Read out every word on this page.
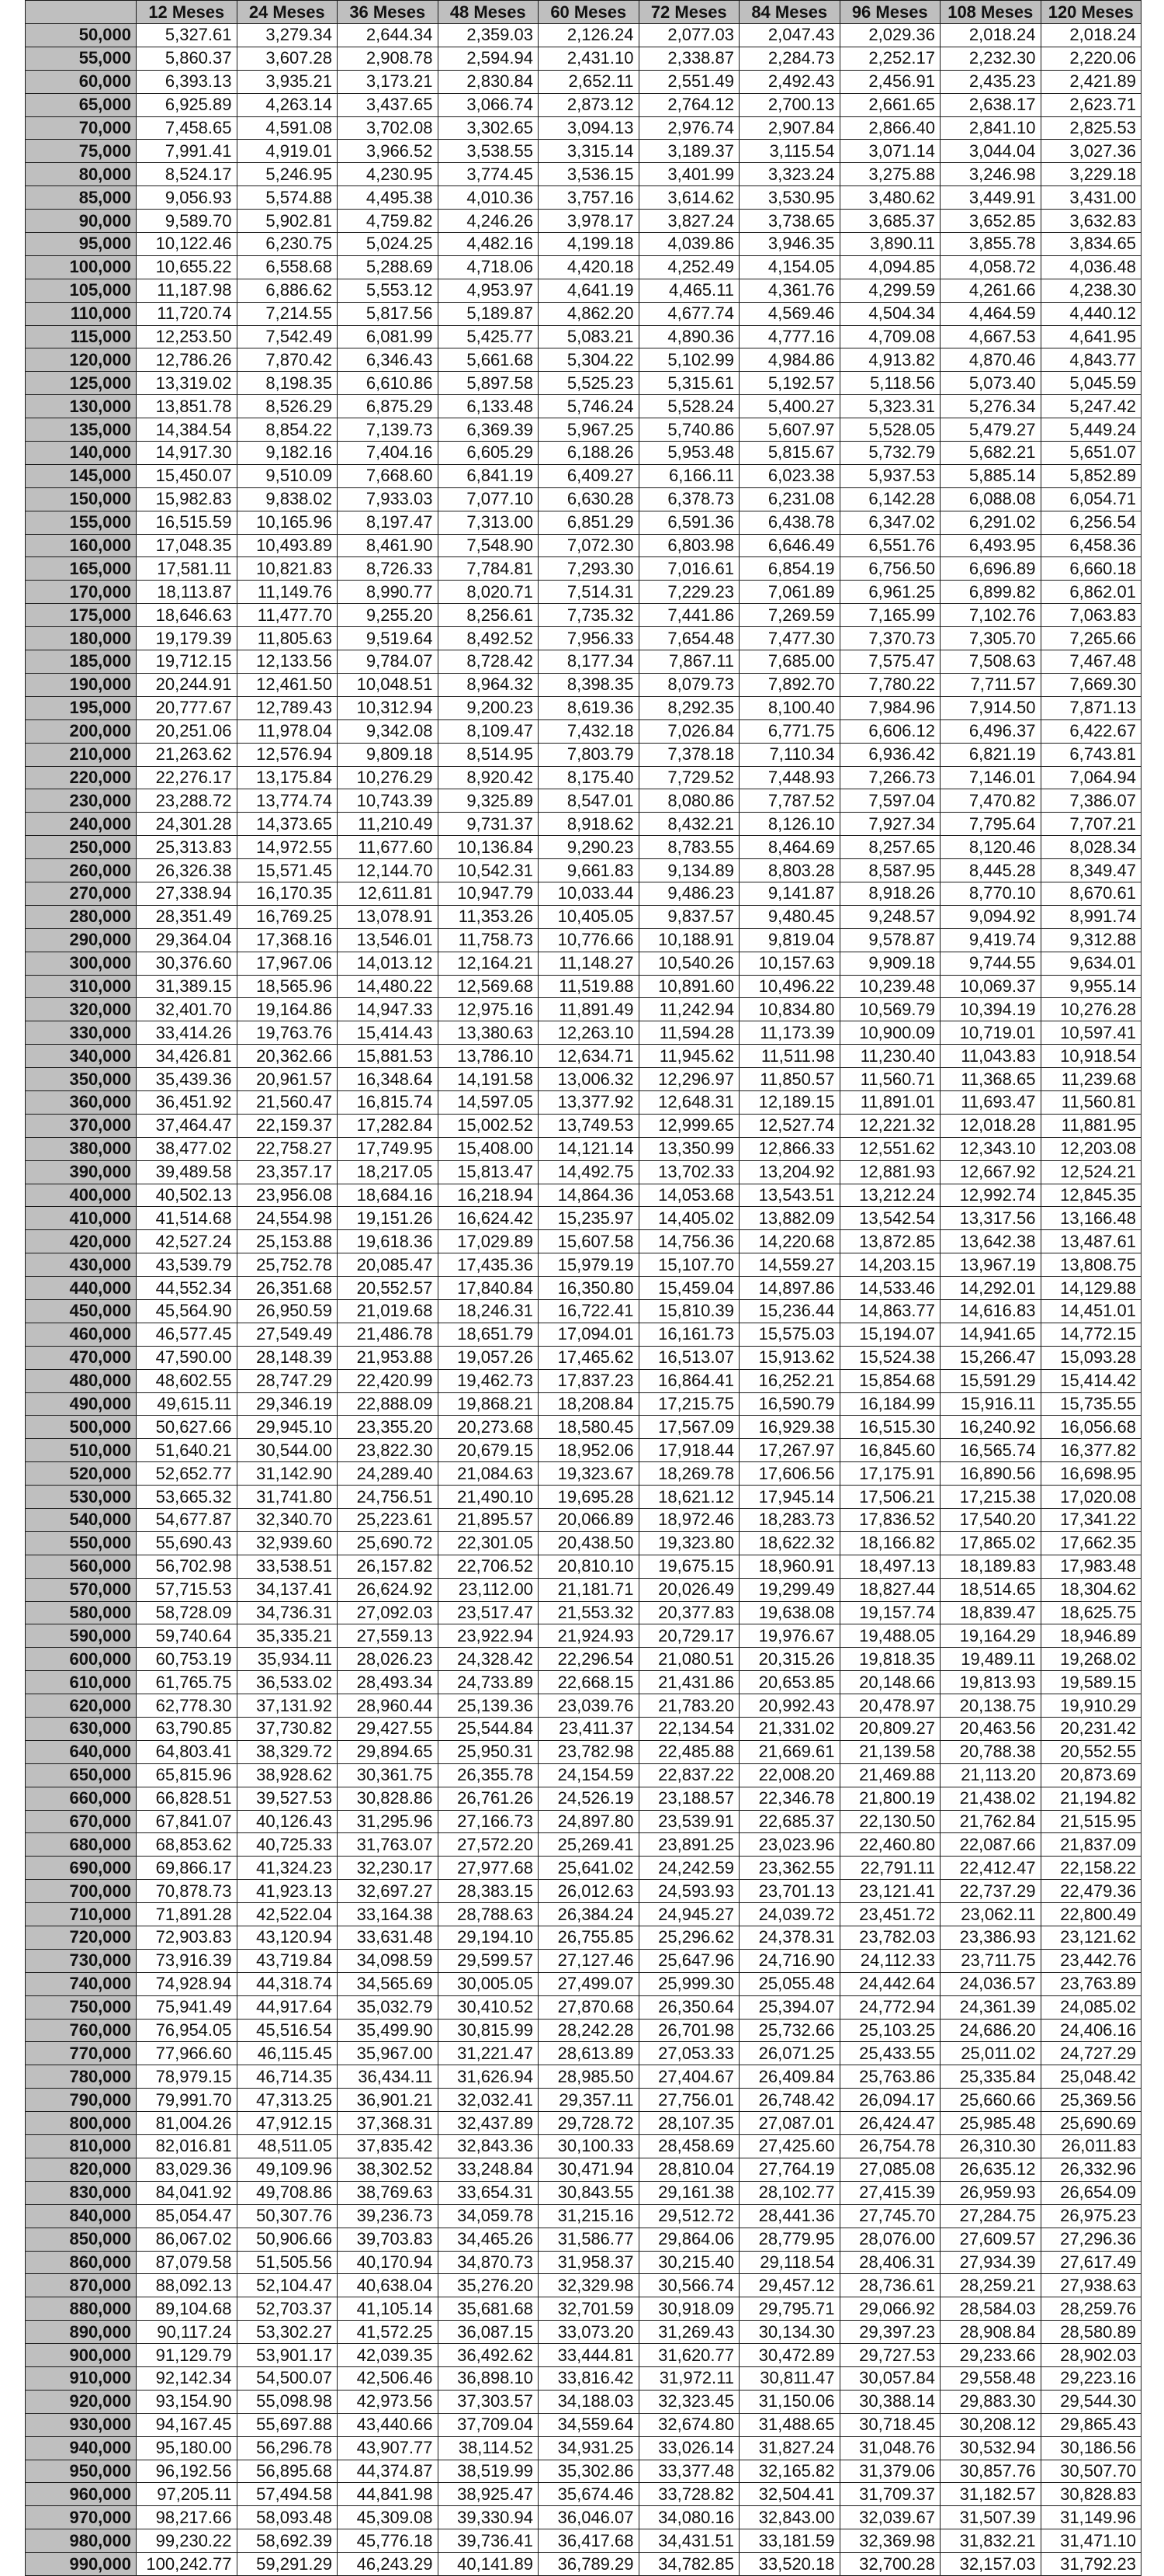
	12 Meses	24 Meses	36 Meses	48 Meses	60 Meses	72 Meses	84 Meses	96 Meses	108 Meses	120 Meses
50,000	5,327.61	3,279.34	2,644.34	2,359.03	2,126.24	2,077.03	2,047.43	2,029.36	2,018.24	2,018.24
55,000	5,860.37	3,607.28	2,908.78	2,594.94	2,431.10	2,338.87	2,284.73	2,252.17	2,232.30	2,220.06
60,000	6,393.13	3,935.21	3,173.21	2,830.84	2,652.11	2,551.49	2,492.43	2,456.91	2,435.23	2,421.89
65,000	6,925.89	4,263.14	3,437.65	3,066.74	2,873.12	2,764.12	2,700.13	2,661.65	2,638.17	2,623.71
70,000	7,458.65	4,591.08	3,702.08	3,302.65	3,094.13	2,976.74	2,907.84	2,866.40	2,841.10	2,825.53
75,000	7,991.41	4,919.01	3,966.52	3,538.55	3,315.14	3,189.37	3,115.54	3,071.14	3,044.04	3,027.36
80,000	8,524.17	5,246.95	4,230.95	3,774.45	3,536.15	3,401.99	3,323.24	3,275.88	3,246.98	3,229.18
85,000	9,056.93	5,574.88	4,495.38	4,010.36	3,757.16	3,614.62	3,530.95	3,480.62	3,449.91	3,431.00
90,000	9,589.70	5,902.81	4,759.82	4,246.26	3,978.17	3,827.24	3,738.65	3,685.37	3,652.85	3,632.83
95,000	10,122.46	6,230.75	5,024.25	4,482.16	4,199.18	4,039.86	3,946.35	3,890.11	3,855.78	3,834.65
100,000	10,655.22	6,558.68	5,288.69	4,718.06	4,420.18	4,252.49	4,154.05	4,094.85	4,058.72	4,036.48
105,000	11,187.98	6,886.62	5,553.12	4,953.97	4,641.19	4,465.11	4,361.76	4,299.59	4,261.66	4,238.30
110,000	11,720.74	7,214.55	5,817.56	5,189.87	4,862.20	4,677.74	4,569.46	4,504.34	4,464.59	4,440.12
115,000	12,253.50	7,542.49	6,081.99	5,425.77	5,083.21	4,890.36	4,777.16	4,709.08	4,667.53	4,641.95
120,000	12,786.26	7,870.42	6,346.43	5,661.68	5,304.22	5,102.99	4,984.86	4,913.82	4,870.46	4,843.77
125,000	13,319.02	8,198.35	6,610.86	5,897.58	5,525.23	5,315.61	5,192.57	5,118.56	5,073.40	5,045.59
130,000	13,851.78	8,526.29	6,875.29	6,133.48	5,746.24	5,528.24	5,400.27	5,323.31	5,276.34	5,247.42
135,000	14,384.54	8,854.22	7,139.73	6,369.39	5,967.25	5,740.86	5,607.97	5,528.05	5,479.27	5,449.24
140,000	14,917.30	9,182.16	7,404.16	6,605.29	6,188.26	5,953.48	5,815.67	5,732.79	5,682.21	5,651.07
145,000	15,450.07	9,510.09	7,668.60	6,841.19	6,409.27	6,166.11	6,023.38	5,937.53	5,885.14	5,852.89
150,000	15,982.83	9,838.02	7,933.03	7,077.10	6,630.28	6,378.73	6,231.08	6,142.28	6,088.08	6,054.71
155,000	16,515.59	10,165.96	8,197.47	7,313.00	6,851.29	6,591.36	6,438.78	6,347.02	6,291.02	6,256.54
160,000	17,048.35	10,493.89	8,461.90	7,548.90	7,072.30	6,803.98	6,646.49	6,551.76	6,493.95	6,458.36
165,000	17,581.11	10,821.83	8,726.33	7,784.81	7,293.30	7,016.61	6,854.19	6,756.50	6,696.89	6,660.18
170,000	18,113.87	11,149.76	8,990.77	8,020.71	7,514.31	7,229.23	7,061.89	6,961.25	6,899.82	6,862.01
175,000	18,646.63	11,477.70	9,255.20	8,256.61	7,735.32	7,441.86	7,269.59	7,165.99	7,102.76	7,063.83
180,000	19,179.39	11,805.63	9,519.64	8,492.52	7,956.33	7,654.48	7,477.30	7,370.73	7,305.70	7,265.66
185,000	19,712.15	12,133.56	9,784.07	8,728.42	8,177.34	7,867.11	7,685.00	7,575.47	7,508.63	7,467.48
190,000	20,244.91	12,461.50	10,048.51	8,964.32	8,398.35	8,079.73	7,892.70	7,780.22	7,711.57	7,669.30
195,000	20,777.67	12,789.43	10,312.94	9,200.23	8,619.36	8,292.35	8,100.40	7,984.96	7,914.50	7,871.13
200,000	20,251.06	11,978.04	9,342.08	8,109.47	7,432.18	7,026.84	6,771.75	6,606.12	6,496.37	6,422.67
210,000	21,263.62	12,576.94	9,809.18	8,514.95	7,803.79	7,378.18	7,110.34	6,936.42	6,821.19	6,743.81
220,000	22,276.17	13,175.84	10,276.29	8,920.42	8,175.40	7,729.52	7,448.93	7,266.73	7,146.01	7,064.94
230,000	23,288.72	13,774.74	10,743.39	9,325.89	8,547.01	8,080.86	7,787.52	7,597.04	7,470.82	7,386.07
240,000	24,301.28	14,373.65	11,210.49	9,731.37	8,918.62	8,432.21	8,126.10	7,927.34	7,795.64	7,707.21
250,000	25,313.83	14,972.55	11,677.60	10,136.84	9,290.23	8,783.55	8,464.69	8,257.65	8,120.46	8,028.34
260,000	26,326.38	15,571.45	12,144.70	10,542.31	9,661.83	9,134.89	8,803.28	8,587.95	8,445.28	8,349.47
270,000	27,338.94	16,170.35	12,611.81	10,947.79	10,033.44	9,486.23	9,141.87	8,918.26	8,770.10	8,670.61
280,000	28,351.49	16,769.25	13,078.91	11,353.26	10,405.05	9,837.57	9,480.45	9,248.57	9,094.92	8,991.74
290,000	29,364.04	17,368.16	13,546.01	11,758.73	10,776.66	10,188.91	9,819.04	9,578.87	9,419.74	9,312.88
300,000	30,376.60	17,967.06	14,013.12	12,164.21	11,148.27	10,540.26	10,157.63	9,909.18	9,744.55	9,634.01
310,000	31,389.15	18,565.96	14,480.22	12,569.68	11,519.88	10,891.60	10,496.22	10,239.48	10,069.37	9,955.14
320,000	32,401.70	19,164.86	14,947.33	12,975.16	11,891.49	11,242.94	10,834.80	10,569.79	10,394.19	10,276.28
330,000	33,414.26	19,763.76	15,414.43	13,380.63	12,263.10	11,594.28	11,173.39	10,900.09	10,719.01	10,597.41
340,000	34,426.81	20,362.66	15,881.53	13,786.10	12,634.71	11,945.62	11,511.98	11,230.40	11,043.83	10,918.54
350,000	35,439.36	20,961.57	16,348.64	14,191.58	13,006.32	12,296.97	11,850.57	11,560.71	11,368.65	11,239.68
360,000	36,451.92	21,560.47	16,815.74	14,597.05	13,377.92	12,648.31	12,189.15	11,891.01	11,693.47	11,560.81
370,000	37,464.47	22,159.37	17,282.84	15,002.52	13,749.53	12,999.65	12,527.74	12,221.32	12,018.28	11,881.95
380,000	38,477.02	22,758.27	17,749.95	15,408.00	14,121.14	13,350.99	12,866.33	12,551.62	12,343.10	12,203.08
390,000	39,489.58	23,357.17	18,217.05	15,813.47	14,492.75	13,702.33	13,204.92	12,881.93	12,667.92	12,524.21
400,000	40,502.13	23,956.08	18,684.16	16,218.94	14,864.36	14,053.68	13,543.51	13,212.24	12,992.74	12,845.35
410,000	41,514.68	24,554.98	19,151.26	16,624.42	15,235.97	14,405.02	13,882.09	13,542.54	13,317.56	13,166.48
420,000	42,527.24	25,153.88	19,618.36	17,029.89	15,607.58	14,756.36	14,220.68	13,872.85	13,642.38	13,487.61
430,000	43,539.79	25,752.78	20,085.47	17,435.36	15,979.19	15,107.70	14,559.27	14,203.15	13,967.19	13,808.75
440,000	44,552.34	26,351.68	20,552.57	17,840.84	16,350.80	15,459.04	14,897.86	14,533.46	14,292.01	14,129.88
450,000	45,564.90	26,950.59	21,019.68	18,246.31	16,722.41	15,810.39	15,236.44	14,863.77	14,616.83	14,451.01
460,000	46,577.45	27,549.49	21,486.78	18,651.79	17,094.01	16,161.73	15,575.03	15,194.07	14,941.65	14,772.15
470,000	47,590.00	28,148.39	21,953.88	19,057.26	17,465.62	16,513.07	15,913.62	15,524.38	15,266.47	15,093.28
480,000	48,602.55	28,747.29	22,420.99	19,462.73	17,837.23	16,864.41	16,252.21	15,854.68	15,591.29	15,414.42
490,000	49,615.11	29,346.19	22,888.09	19,868.21	18,208.84	17,215.75	16,590.79	16,184.99	15,916.11	15,735.55
500,000	50,627.66	29,945.10	23,355.20	20,273.68	18,580.45	17,567.09	16,929.38	16,515.30	16,240.92	16,056.68
510,000	51,640.21	30,544.00	23,822.30	20,679.15	18,952.06	17,918.44	17,267.97	16,845.60	16,565.74	16,377.82
520,000	52,652.77	31,142.90	24,289.40	21,084.63	19,323.67	18,269.78	17,606.56	17,175.91	16,890.56	16,698.95
530,000	53,665.32	31,741.80	24,756.51	21,490.10	19,695.28	18,621.12	17,945.14	17,506.21	17,215.38	17,020.08
540,000	54,677.87	32,340.70	25,223.61	21,895.57	20,066.89	18,972.46	18,283.73	17,836.52	17,540.20	17,341.22
550,000	55,690.43	32,939.60	25,690.72	22,301.05	20,438.50	19,323.80	18,622.32	18,166.82	17,865.02	17,662.35
560,000	56,702.98	33,538.51	26,157.82	22,706.52	20,810.10	19,675.15	18,960.91	18,497.13	18,189.83	17,983.48
570,000	57,715.53	34,137.41	26,624.92	23,112.00	21,181.71	20,026.49	19,299.49	18,827.44	18,514.65	18,304.62
580,000	58,728.09	34,736.31	27,092.03	23,517.47	21,553.32	20,377.83	19,638.08	19,157.74	18,839.47	18,625.75
590,000	59,740.64	35,335.21	27,559.13	23,922.94	21,924.93	20,729.17	19,976.67	19,488.05	19,164.29	18,946.89
600,000	60,753.19	35,934.11	28,026.23	24,328.42	22,296.54	21,080.51	20,315.26	19,818.35	19,489.11	19,268.02
610,000	61,765.75	36,533.02	28,493.34	24,733.89	22,668.15	21,431.86	20,653.85	20,148.66	19,813.93	19,589.15
620,000	62,778.30	37,131.92	28,960.44	25,139.36	23,039.76	21,783.20	20,992.43	20,478.97	20,138.75	19,910.29
630,000	63,790.85	37,730.82	29,427.55	25,544.84	23,411.37	22,134.54	21,331.02	20,809.27	20,463.56	20,231.42
640,000	64,803.41	38,329.72	29,894.65	25,950.31	23,782.98	22,485.88	21,669.61	21,139.58	20,788.38	20,552.55
650,000	65,815.96	38,928.62	30,361.75	26,355.78	24,154.59	22,837.22	22,008.20	21,469.88	21,113.20	20,873.69
660,000	66,828.51	39,527.53	30,828.86	26,761.26	24,526.19	23,188.57	22,346.78	21,800.19	21,438.02	21,194.82
670,000	67,841.07	40,126.43	31,295.96	27,166.73	24,897.80	23,539.91	22,685.37	22,130.50	21,762.84	21,515.95
680,000	68,853.62	40,725.33	31,763.07	27,572.20	25,269.41	23,891.25	23,023.96	22,460.80	22,087.66	21,837.09
690,000	69,866.17	41,324.23	32,230.17	27,977.68	25,641.02	24,242.59	23,362.55	22,791.11	22,412.47	22,158.22
700,000	70,878.73	41,923.13	32,697.27	28,383.15	26,012.63	24,593.93	23,701.13	23,121.41	22,737.29	22,479.36
710,000	71,891.28	42,522.04	33,164.38	28,788.63	26,384.24	24,945.27	24,039.72	23,451.72	23,062.11	22,800.49
720,000	72,903.83	43,120.94	33,631.48	29,194.10	26,755.85	25,296.62	24,378.31	23,782.03	23,386.93	23,121.62
730,000	73,916.39	43,719.84	34,098.59	29,599.57	27,127.46	25,647.96	24,716.90	24,112.33	23,711.75	23,442.76
740,000	74,928.94	44,318.74	34,565.69	30,005.05	27,499.07	25,999.30	25,055.48	24,442.64	24,036.57	23,763.89
750,000	75,941.49	44,917.64	35,032.79	30,410.52	27,870.68	26,350.64	25,394.07	24,772.94	24,361.39	24,085.02
760,000	76,954.05	45,516.54	35,499.90	30,815.99	28,242.28	26,701.98	25,732.66	25,103.25	24,686.20	24,406.16
770,000	77,966.60	46,115.45	35,967.00	31,221.47	28,613.89	27,053.33	26,071.25	25,433.55	25,011.02	24,727.29
780,000	78,979.15	46,714.35	36,434.11	31,626.94	28,985.50	27,404.67	26,409.84	25,763.86	25,335.84	25,048.42
790,000	79,991.70	47,313.25	36,901.21	32,032.41	29,357.11	27,756.01	26,748.42	26,094.17	25,660.66	25,369.56
800,000	81,004.26	47,912.15	37,368.31	32,437.89	29,728.72	28,107.35	27,087.01	26,424.47	25,985.48	25,690.69
810,000	82,016.81	48,511.05	37,835.42	32,843.36	30,100.33	28,458.69	27,425.60	26,754.78	26,310.30	26,011.83
820,000	83,029.36	49,109.96	38,302.52	33,248.84	30,471.94	28,810.04	27,764.19	27,085.08	26,635.12	26,332.96
830,000	84,041.92	49,708.86	38,769.63	33,654.31	30,843.55	29,161.38	28,102.77	27,415.39	26,959.93	26,654.09
840,000	85,054.47	50,307.76	39,236.73	34,059.78	31,215.16	29,512.72	28,441.36	27,745.70	27,284.75	26,975.23
850,000	86,067.02	50,906.66	39,703.83	34,465.26	31,586.77	29,864.06	28,779.95	28,076.00	27,609.57	27,296.36
860,000	87,079.58	51,505.56	40,170.94	34,870.73	31,958.37	30,215.40	29,118.54	28,406.31	27,934.39	27,617.49
870,000	88,092.13	52,104.47	40,638.04	35,276.20	32,329.98	30,566.74	29,457.12	28,736.61	28,259.21	27,938.63
880,000	89,104.68	52,703.37	41,105.14	35,681.68	32,701.59	30,918.09	29,795.71	29,066.92	28,584.03	28,259.76
890,000	90,117.24	53,302.27	41,572.25	36,087.15	33,073.20	31,269.43	30,134.30	29,397.23	28,908.84	28,580.89
900,000	91,129.79	53,901.17	42,039.35	36,492.62	33,444.81	31,620.77	30,472.89	29,727.53	29,233.66	28,902.03
910,000	92,142.34	54,500.07	42,506.46	36,898.10	33,816.42	31,972.11	30,811.47	30,057.84	29,558.48	29,223.16
920,000	93,154.90	55,098.98	42,973.56	37,303.57	34,188.03	32,323.45	31,150.06	30,388.14	29,883.30	29,544.30
930,000	94,167.45	55,697.88	43,440.66	37,709.04	34,559.64	32,674.80	31,488.65	30,718.45	30,208.12	29,865.43
940,000	95,180.00	56,296.78	43,907.77	38,114.52	34,931.25	33,026.14	31,827.24	31,048.76	30,532.94	30,186.56
950,000	96,192.56	56,895.68	44,374.87	38,519.99	35,302.86	33,377.48	32,165.82	31,379.06	30,857.76	30,507.70
960,000	97,205.11	57,494.58	44,841.98	38,925.47	35,674.46	33,728.82	32,504.41	31,709.37	31,182.57	30,828.83
970,000	98,217.66	58,093.48	45,309.08	39,330.94	36,046.07	34,080.16	32,843.00	32,039.67	31,507.39	31,149.96
980,000	99,230.22	58,692.39	45,776.18	39,736.41	36,417.68	34,431.51	33,181.59	32,369.98	31,832.21	31,471.10
990,000	100,242.77	59,291.29	46,243.29	40,141.89	36,789.29	34,782.85	33,520.18	32,700.28	32,157.03	31,792.23
